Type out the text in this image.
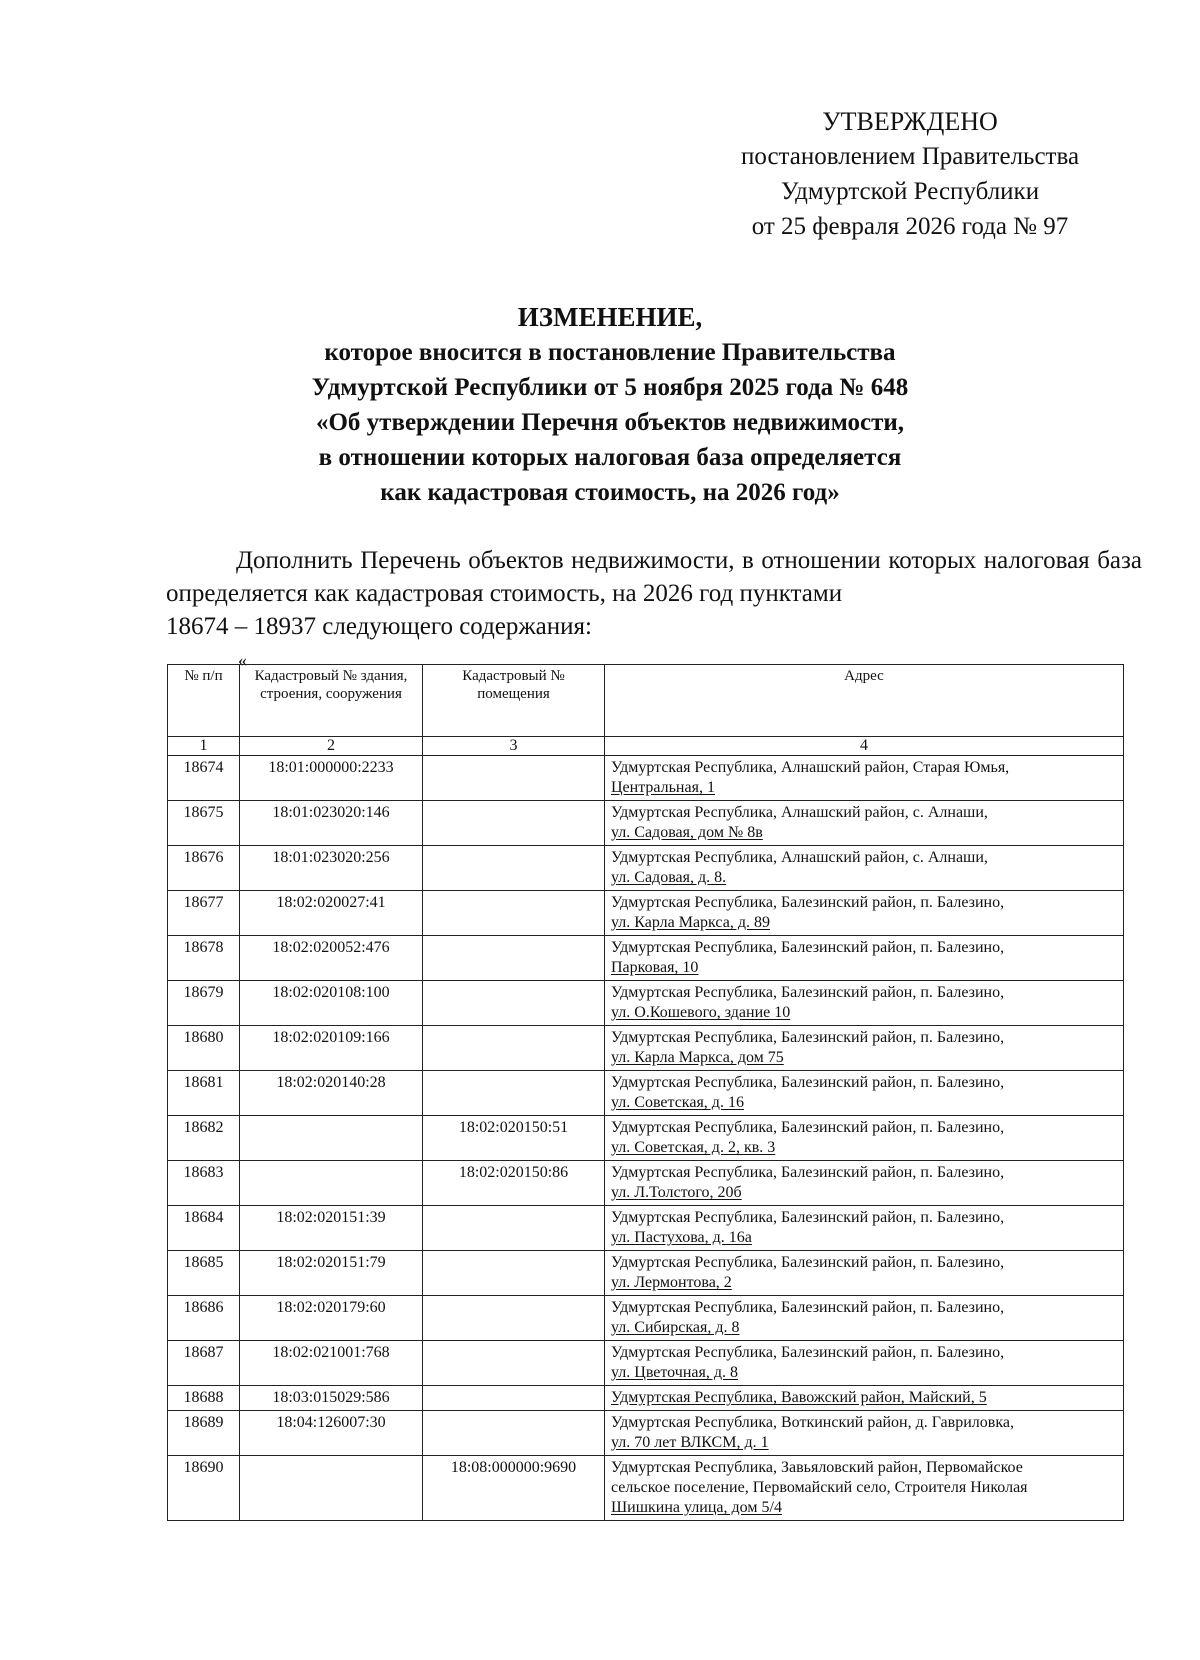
УТВЕРЖДЕНО
постановлением Правительства
Удмуртской Республики
от 25 февраля 2026 года № 97
ИЗМЕНЕНИЕ,
которое вносится в постановление Правительства
Удмуртской Республики от 5 ноября 2025 года № 648
«Об утверждении Перечня объектов недвижимости,
в отношении которых налоговая база определяется
как кадастровая стоимость, на 2026 год»
Дополнить Перечень объектов недвижимости, в отношении которых налоговая база определяется как кадастровая стоимость, на 2026 год пунктами
18674 – 18937 следующего содержания:
«
№ п/п	Кадастровый № здания, строения, сооружения	Кадастровый № помещения	Адрес
1	2	3	4
18674	18:01:000000:2233		Удмуртская Республика, Алнашский район, Старая Юмья,
Центральная, 1

18675	18:01:023020:146		Удмуртская Республика, Алнашский район, с. Алнаши,
ул. Садовая, дом № 8в

18676	18:01:023020:256		Удмуртская Республика, Алнашский район, с. Алнаши,
ул. Садовая, д. 8.

18677	18:02:020027:41		Удмуртская Республика, Балезинский район, п. Балезино,
ул. Карла Маркса, д. 89

18678	18:02:020052:476		Удмуртская Республика, Балезинский район, п. Балезино,
Парковая, 10

18679	18:02:020108:100		Удмуртская Республика, Балезинский район, п. Балезино,
ул. О.Кошевого, здание 10

18680	18:02:020109:166		Удмуртская Республика, Балезинский район, п. Балезино,
ул. Карла Маркса, дом 75

18681	18:02:020140:28		Удмуртская Республика, Балезинский район, п. Балезино,
ул. Советская, д. 16

18682		18:02:020150:51	Удмуртская Республика, Балезинский район, п. Балезино,
ул. Советская, д. 2, кв. 3

18683		18:02:020150:86	Удмуртская Республика, Балезинский район, п. Балезино,
ул. Л.Толстого, 20б

18684	18:02:020151:39		Удмуртская Республика, Балезинский район, п. Балезино,
ул. Пастухова, д. 16а

18685	18:02:020151:79		Удмуртская Республика, Балезинский район, п. Балезино,
ул. Лермонтова, 2

18686	18:02:020179:60		Удмуртская Республика, Балезинский район, п. Балезино,
ул. Сибирская, д. 8

18687	18:02:021001:768		Удмуртская Республика, Балезинский район, п. Балезино,
ул. Цветочная, д. 8

18688	18:03:015029:586		Удмуртская Республика, Вавожский район, Майский, 5

18689	18:04:126007:30		Удмуртская Республика, Воткинский район, д. Гавриловка,
ул. 70 лет ВЛКСМ, д. 1

18690		18:08:000000:9690	Удмуртская Республика, Завьяловский район, Первомайское
сельское поселение, Первомайский село, Строителя Николая
Шишкина улица, дом 5/4
